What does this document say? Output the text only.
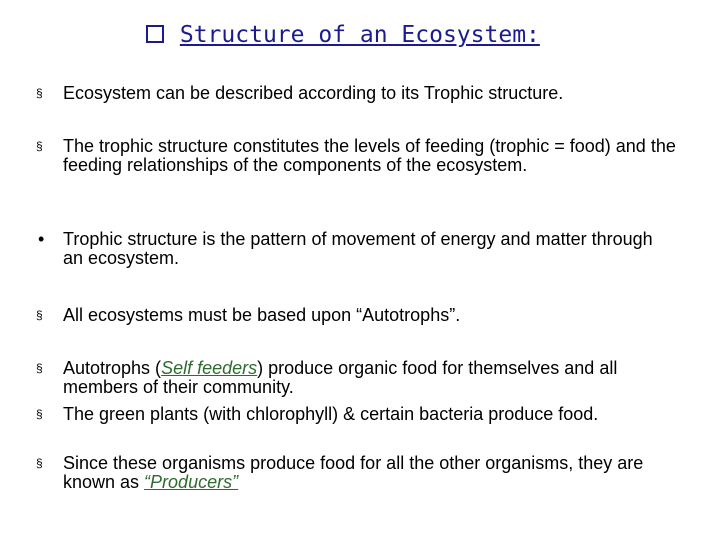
Structure of an Ecosystem:
§	Ecosystem can be described according to its Trophic structure.
§	The trophic structure constitutes the levels of feeding (trophic = food) and the feeding relationships of the components of the ecosystem.
•	Trophic structure is the pattern of movement of energy and matter through an ecosystem.
§	All ecosystems must be based upon “Autotrophs”.
§	Autotrophs (Self feeders) produce organic food for themselves and all members of their community.
§	The green plants (with chlorophyll) & certain bacteria produce food.
§	Since these organisms produce food for all the other organisms, they are known as “Producers”
